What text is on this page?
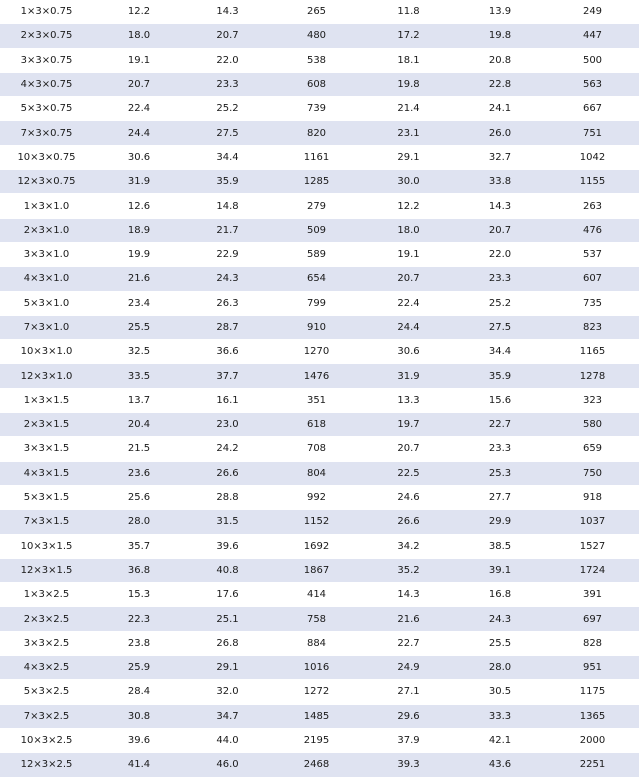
1×3×0.75	12.2	14.3	265	11.8	13.9	249
2×3×0.75	18.0	20.7	480	17.2	19.8	447
3×3×0.75	19.1	22.0	538	18.1	20.8	500
4×3×0.75	20.7	23.3	608	19.8	22.8	563
5×3×0.75	22.4	25.2	739	21.4	24.1	667
7×3×0.75	24.4	27.5	820	23.1	26.0	751
10×3×0.75	30.6	34.4	1161	29.1	32.7	1042
12×3×0.75	31.9	35.9	1285	30.0	33.8	1155
1×3×1.0	12.6	14.8	279	12.2	14.3	263
2×3×1.0	18.9	21.7	509	18.0	20.7	476
3×3×1.0	19.9	22.9	589	19.1	22.0	537
4×3×1.0	21.6	24.3	654	20.7	23.3	607
5×3×1.0	23.4	26.3	799	22.4	25.2	735
7×3×1.0	25.5	28.7	910	24.4	27.5	823
10×3×1.0	32.5	36.6	1270	30.6	34.4	1165
12×3×1.0	33.5	37.7	1476	31.9	35.9	1278
1×3×1.5	13.7	16.1	351	13.3	15.6	323
2×3×1.5	20.4	23.0	618	19.7	22.7	580
3×3×1.5	21.5	24.2	708	20.7	23.3	659
4×3×1.5	23.6	26.6	804	22.5	25.3	750
5×3×1.5	25.6	28.8	992	24.6	27.7	918
7×3×1.5	28.0	31.5	1152	26.6	29.9	1037
10×3×1.5	35.7	39.6	1692	34.2	38.5	1527
12×3×1.5	36.8	40.8	1867	35.2	39.1	1724
1×3×2.5	15.3	17.6	414	14.3	16.8	391
2×3×2.5	22.3	25.1	758	21.6	24.3	697
3×3×2.5	23.8	26.8	884	22.7	25.5	828
4×3×2.5	25.9	29.1	1016	24.9	28.0	951
5×3×2.5	28.4	32.0	1272	27.1	30.5	1175
7×3×2.5	30.8	34.7	1485	29.6	33.3	1365
10×3×2.5	39.6	44.0	2195	37.9	42.1	2000
12×3×2.5	41.4	46.0	2468	39.3	43.6	2251
